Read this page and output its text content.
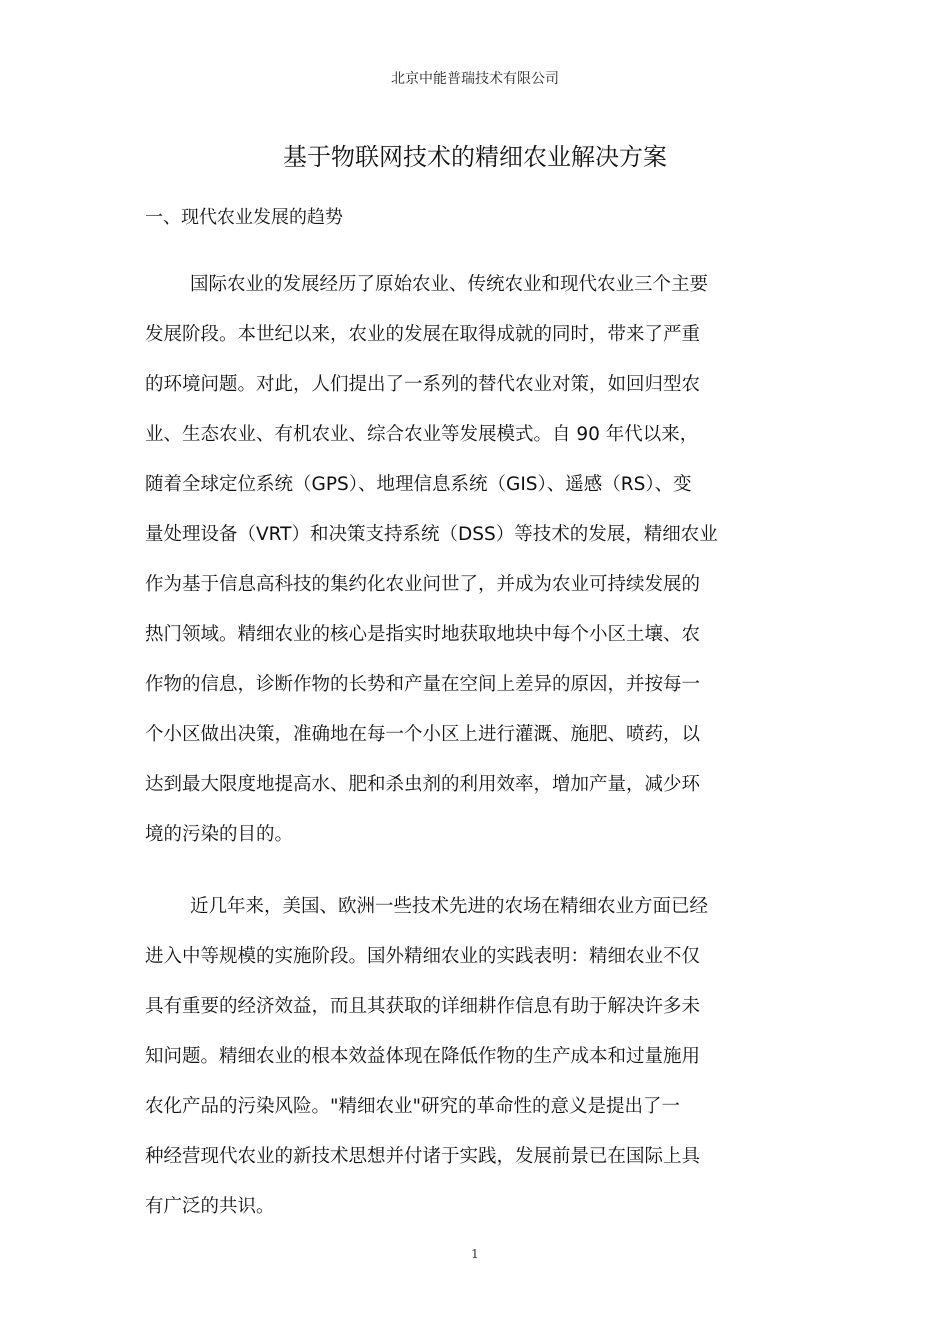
北京中能普瑞技术有限公司
基于物联网技术的精细农业解决方案
一、现代农业发展的趋势
国际农业的发展经历了原始农业、传统农业和现代农业三个主要
发展阶段。本世纪以来，农业的发展在取得成就的同时，带来了严重
的环境问题。对此，人们提出了一系列的替代农业对策，如回归型农
业、生态农业、有机农业、综合农业等发展模式。自 90 年代以来，
随着全球定位系统（GPS）、地理信息系统（GIS）、遥感（RS）、变
量处理设备（VRT）和决策支持系统（DSS）等技术的发展，精细农业
作为基于信息高科技的集约化农业问世了，并成为农业可持续发展的
热门领域。精细农业的核心是指实时地获取地块中每个小区土壤、农
作物的信息，诊断作物的长势和产量在空间上差异的原因，并按每一
个小区做出决策，准确地在每一个小区上进行灌溉、施肥、喷药，以
达到最大限度地提高水、肥和杀虫剂的利用效率，增加产量，减少环
境的污染的目的。
近几年来，美国、欧洲一些技术先进的农场在精细农业方面已经
进入中等规模的实施阶段。国外精细农业的实践表明：精细农业不仅
具有重要的经济效益，而且其获取的详细耕作信息有助于解决许多未
知问题。精细农业的根本效益体现在降低作物的生产成本和过量施用
农化产品的污染风险。"精细农业"研究的革命性的意义是提出了一
种经营现代农业的新技术思想并付诸于实践，发展前景已在国际上具
有广泛的共识。
1
